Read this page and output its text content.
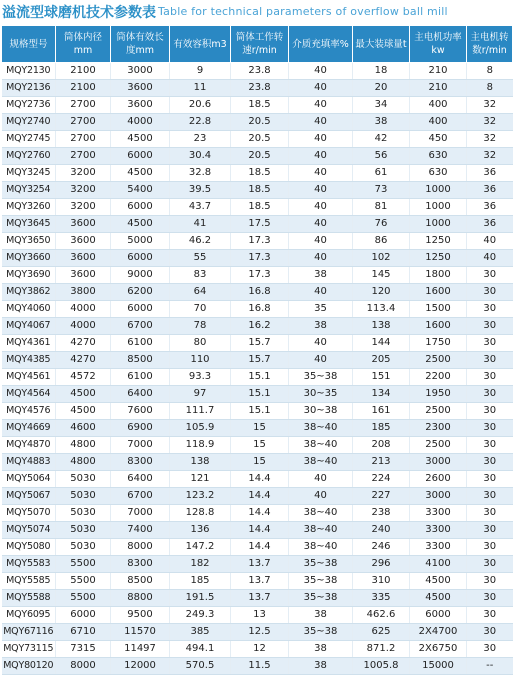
溢流型球磨机技术参数表 Table for technical parameters of overflow ball mill
规格型号	筒体内径mm	筒体有效长度mm	有效容积m3	筒体工作转速r/min	介质充填率%	最大装球量t	主电机功率kw	主电机转数r/min
MQY2130	2100	3000	9	23.8	40	18	210	8
MQY2136	2100	3600	11	23.8	40	20	210	8
MQY2736	2700	3600	20.6	18.5	40	34	400	32
MQY2740	2700	4000	22.8	20.5	40	38	400	32
MQY2745	2700	4500	23	20.5	40	42	450	32
MQY2760	2700	6000	30.4	20.5	40	56	630	32
MQY3245	3200	4500	32.8	18.5	40	61	630	36
MQY3254	3200	5400	39.5	18.5	40	73	1000	36
MQY3260	3200	6000	43.7	18.5	40	81	1000	36
MQY3645	3600	4500	41	17.5	40	76	1000	36
MQY3650	3600	5000	46.2	17.3	40	86	1250	40
MQY3660	3600	6000	55	17.3	40	102	1250	40
MQY3690	3600	9000	83	17.3	38	145	1800	30
MQY3862	3800	6200	64	16.8	40	120	1600	30
MQY4060	4000	6000	70	16.8	35	113.4	1500	30
MQY4067	4000	6700	78	16.2	38	138	1600	30
MQY4361	4270	6100	80	15.7	40	144	1750	30
MQY4385	4270	8500	110	15.7	40	205	2500	30
MQY4561	4572	6100	93.3	15.1	35~38	151	2200	30
MQY4564	4500	6400	97	15.1	30~35	134	1950	30
MQY4576	4500	7600	111.7	15.1	30~38	161	2500	30
MQY4669	4600	6900	105.9	15	38~40	185	2300	30
MQY4870	4800	7000	118.9	15	38~40	208	2500	30
MQY4883	4800	8300	138	15	38~40	213	3000	30
MQY5064	5030	6400	121	14.4	40	224	2600	30
MQY5067	5030	6700	123.2	14.4	40	227	3000	30
MQY5070	5030	7000	128.8	14.4	38~40	238	3300	30
MQY5074	5030	7400	136	14.4	38~40	240	3300	30
MQY5080	5030	8000	147.2	14.4	38~40	246	3300	30
MQY5583	5500	8300	182	13.7	35~38	296	4100	30
MQY5585	5500	8500	185	13.7	35~38	310	4500	30
MQY5588	5500	8800	191.5	13.7	35~38	335	4500	30
MQY6095	6000	9500	249.3	13	38	462.6	6000	30
MQY67116	6710	11570	385	12.5	35~38	625	2X4700	30
MQY73115	7315	11497	494.1	12	38	871.2	2X6750	30
MQY80120	8000	12000	570.5	11.5	38	1005.8	15000	--
